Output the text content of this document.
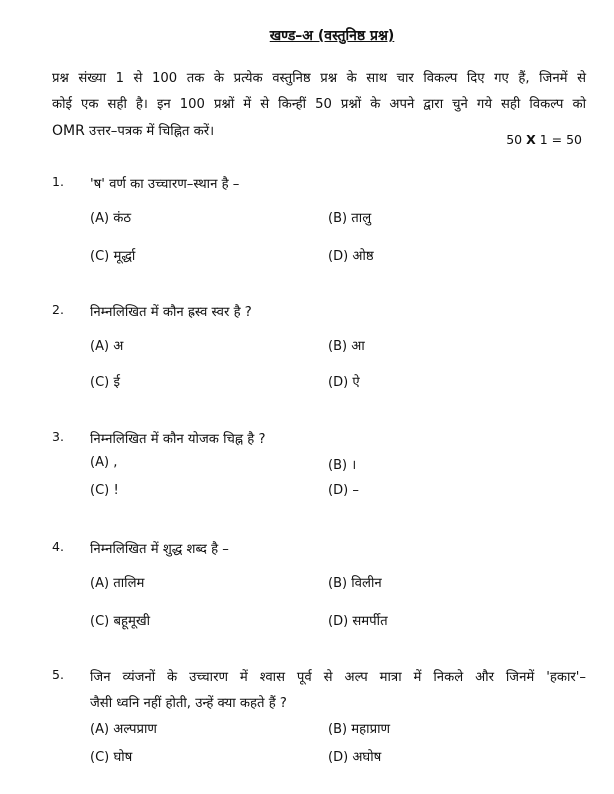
खण्ड–अ (वस्तुनिष्ठ प्रश्न)
प्रश्न संख्या 1 से 100 तक के प्रत्येक वस्तुनिष्ठ प्रश्न के साथ चार विकल्प दिए गए हैं, जिनमें से
कोई एक सही है। इन 100 प्रश्नों में से किन्हीं 50 प्रश्नों के अपने द्वारा चुने गये सही विकल्प को
OMR उत्तर–पत्रक में चिह्नित करें।
50 X 1 = 50
1. 'ष' वर्ण का उच्चारण–स्थान है –
(A) कंठ	(B) तालु
(C) मूर्द्धा	(D) ओष्ठ
2. निम्नलिखित में कौन ह्रस्व स्वर है ?
(A) अ	(B) आ
(C) ई	(D) ऐ
3. निम्नलिखित में कौन योजक चिह्न है ?
(A) ,	(B) ।
(C) !	(D) –
4. निम्नलिखित में शुद्ध शब्द है –
(A) तालिम	(B) विलीन
(C) बहूमूखी	(D) समर्पीत
5. जिन व्यंजनों के उच्चारण में श्वास पूर्व से अल्प मात्रा में निकले और जिनमें 'हकार'–
जैसी ध्वनि नहीं होती, उन्हें क्या कहते हैं ?
(A) अल्पप्राण	(B) महाप्राण
(C) घोष	(D) अघोष
